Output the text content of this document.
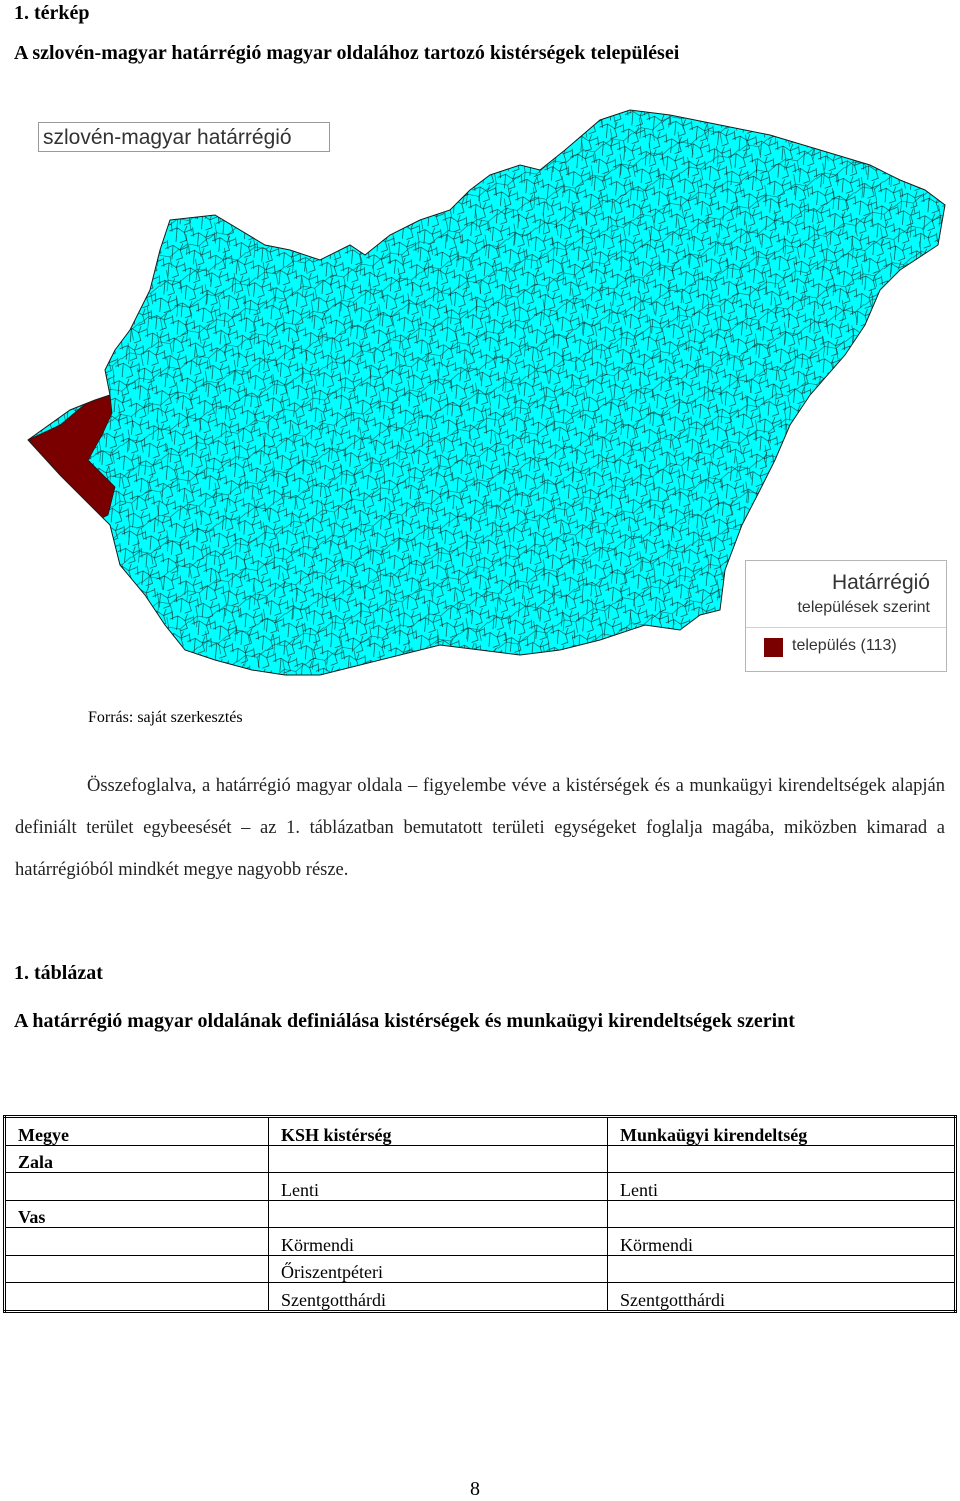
1. térkép
A szlovén-magyar határrégió magyar oldalához tartozó kistérségek települései
szlovén-magyar határrégió
Határrégió
települések szerint
település (113)
Forrás: saját szerkesztés
Összefoglalva, a határrégió magyar oldala – figyelembe véve a kistérségek és a munkaügyi kirendeltségek alapján definiált terület egybeesését – az 1. táblázatban bemutatott területi egységeket foglalja magába, miközben kimarad a határrégióból mindkét megye nagyobb része.
1. táblázat
A határrégió magyar oldalának definiálása kistérségek és munkaügyi kirendeltségek szerint
Megye	KSH kistérség	Munkaügyi kirendeltség
Zala		
	Lenti	Lenti
Vas		
	Körmendi	Körmendi
	Őriszentpéteri	
	Szentgotthárdi	Szentgotthárdi
8
